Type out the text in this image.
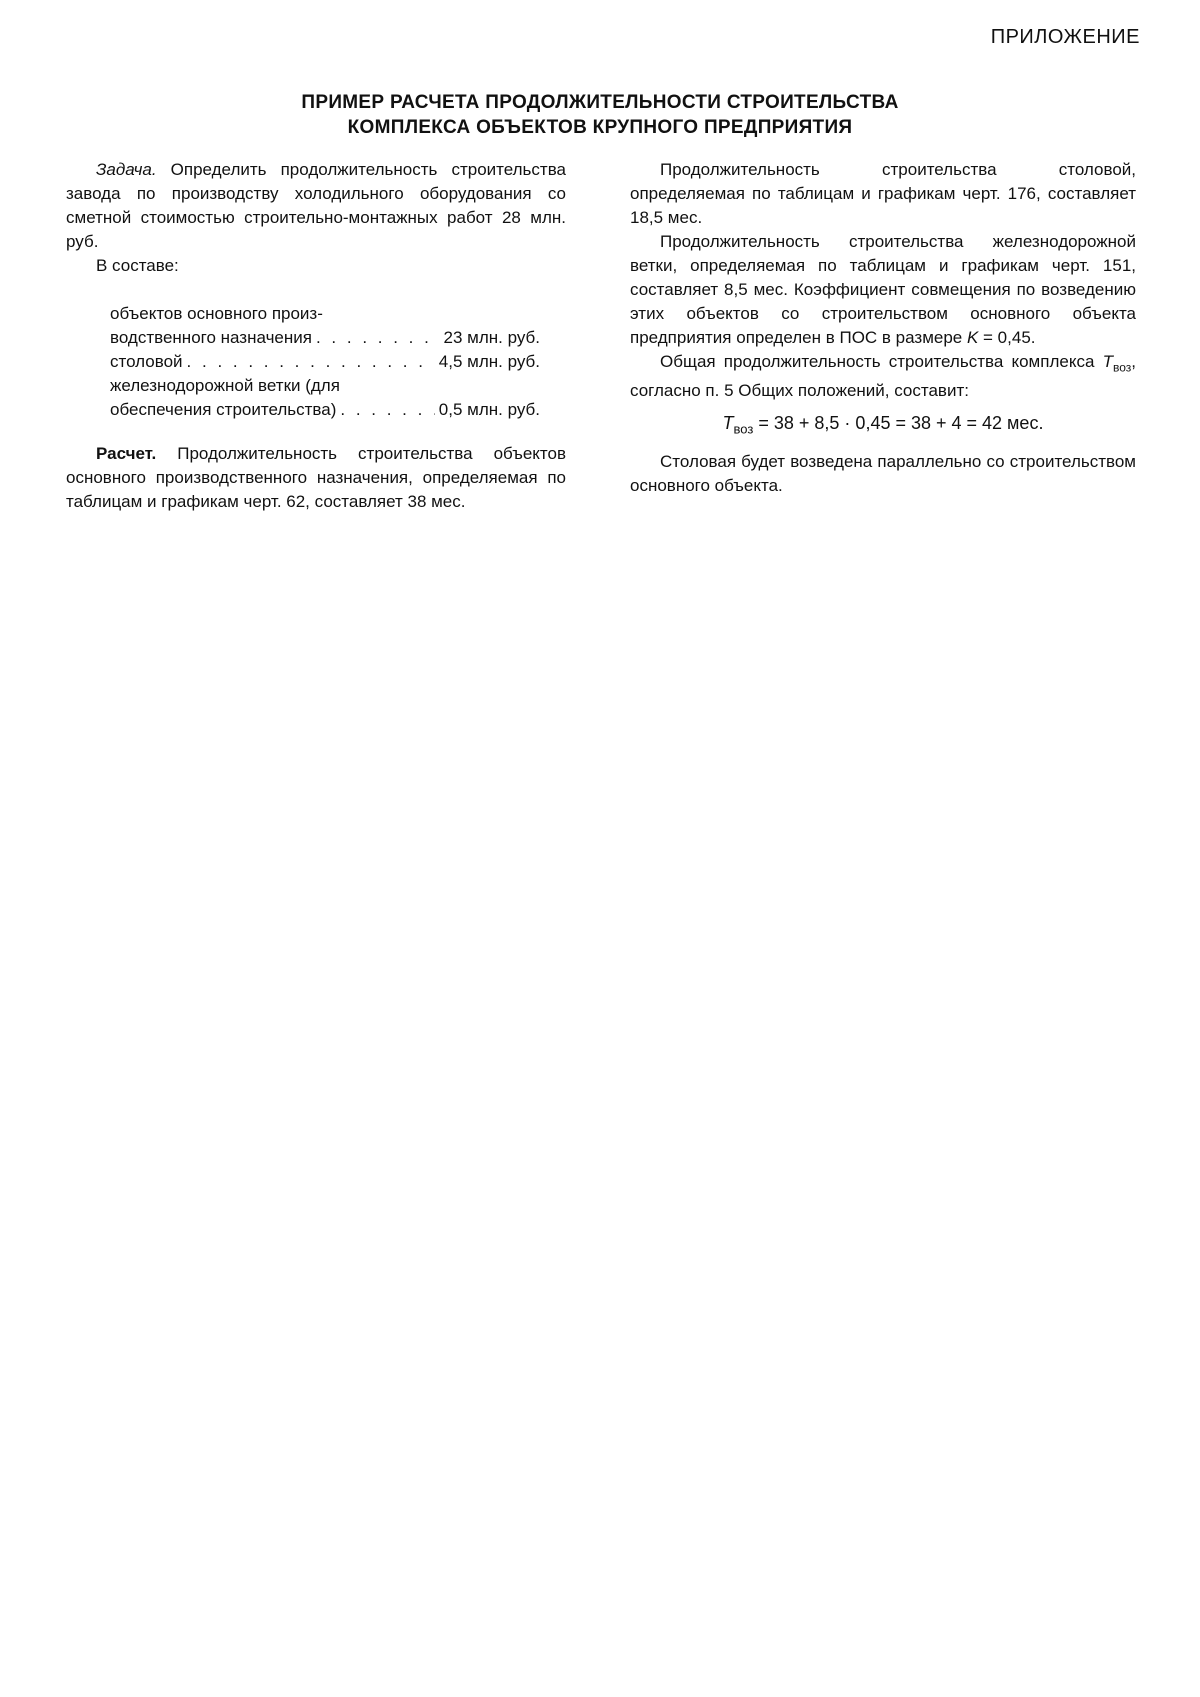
ПРИЛОЖЕНИЕ
ПРИМЕР РАСЧЕТА ПРОДОЛЖИТЕЛЬНОСТИ СТРОИТЕЛЬСТВА
КОМПЛЕКСА ОБЪЕКТОВ КРУПНОГО ПРЕДПРИЯТИЯ

Задача. Определить продолжительность строительства завода по производству холодильного оборудования со сметной стоимостью строительно-монтажных работ 28 млн. руб.

В составе:

объектов основного произ-
водственного назначения . . .	23 млн. руб.
столовой . . .	4,5 млн. руб.
железнодорожной ветки (для
обеспечения строительства) . . .	0,5 млн. руб.

Расчет. Продолжительность строительства объектов основного производственного назначения, определяемая по таблицам и графикам черт. 62, составляет 38 мес.

Продолжительность строительства столовой, определяемая по таблицам и графикам черт. 176, составляет 18,5 мес.

Продолжительность строительства железнодорожной ветки, определяемая по таблицам и графикам черт. 151, составляет 8,5 мес. Коэффициент совмещения по возведению этих объектов со строительством основного объекта предприятия определен в ПОС в размере K = 0,45.

Общая продолжительность строительства комплекса $T_{воз}$, согласно п. 5 Общих положений, составит:

$T_{воз} = 38 + 8,5 \cdot 0,45 = 38 + 4 = 42$ мес.

Столовая будет возведена параллельно со строительством основного объекта.
